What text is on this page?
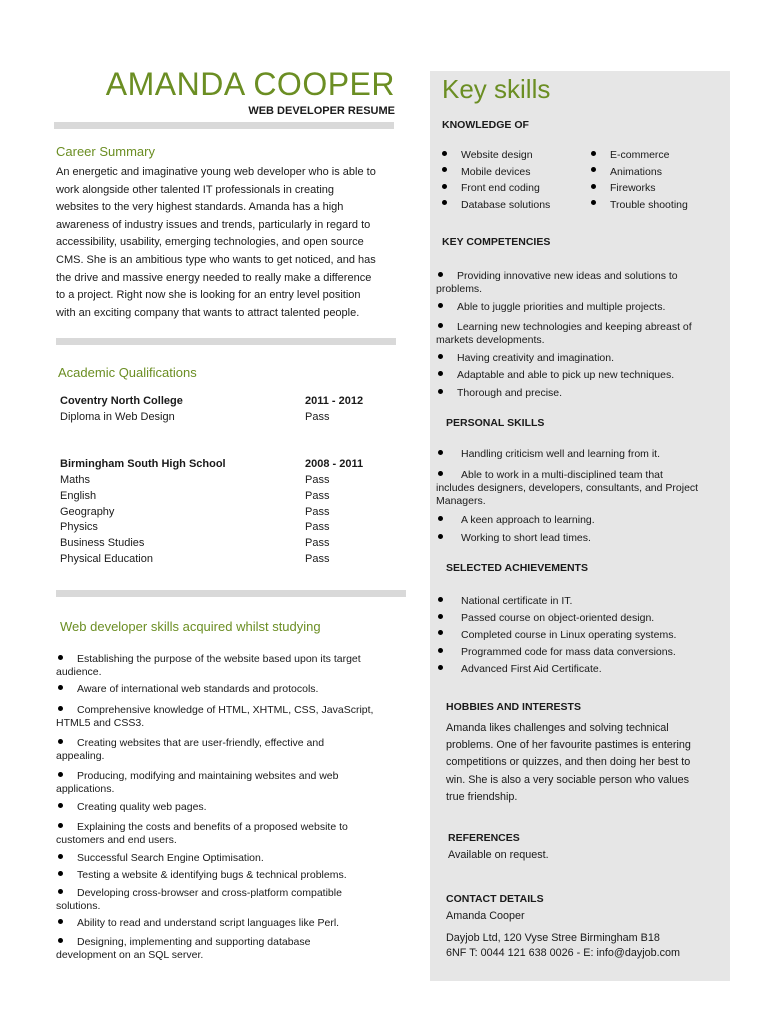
AMANDA COOPER
WEB DEVELOPER RESUME
Career Summary
An energetic and imaginative young web developer who is able to
work alongside other talented IT professionals in creating
websites to the very highest standards. Amanda has a high
awareness of industry issues and trends, particularly in regard to
accessibility, usability, emerging technologies, and open source
CMS. She is an ambitious type who wants to get noticed, and has
the drive and massive energy needed to really make a difference
to a project. Right now she is looking for an entry level position
with an exciting company that wants to attract talented people.
Academic Qualifications
Coventry North College	2011 - 2012
Diploma in Web Design	Pass
Birmingham South High School	2008 - 2011
Maths	Pass
English	Pass
Geography	Pass
Physics	Pass
Business Studies	Pass
Physical Education	Pass
Web developer skills acquired whilst studying
Establishing the purpose of the website based upon its target
audience.
Aware of international web standards and protocols.
Comprehensive knowledge of HTML, XHTML, CSS, JavaScript,
HTML5 and CSS3.
Creating websites that are user-friendly, effective and
appealing.
Producing, modifying and maintaining websites and web
applications.
Creating quality web pages.
Explaining the costs and benefits of a proposed website to
customers and end users.
Successful Search Engine Optimisation.
Testing a website & identifying bugs & technical problems.
Developing cross-browser and cross-platform compatible
solutions.
Ability to read and understand script languages like Perl.
Designing, implementing and supporting database
development on an SQL server.
Key skills
KNOWLEDGE OF
Website design
Mobile devices
Front end coding
Database solutions
E-commerce
Animations
Fireworks
Trouble shooting
KEY COMPETENCIES
Providing innovative new ideas and solutions to
problems.
Able to juggle priorities and multiple projects.
Learning new technologies and keeping abreast of
markets developments.
Having creativity and imagination.
Adaptable and able to pick up new techniques.
Thorough and precise.
PERSONAL SKILLS
Handling criticism well and learning from it.
Able to work in a multi-disciplined team that
includes designers, developers, consultants, and Project
Managers.
A keen approach to learning.
Working to short lead times.
SELECTED ACHIEVEMENTS
National certificate in IT.
Passed course on object-oriented design.
Completed course in Linux operating systems.
Programmed code for mass data conversions.
Advanced First Aid Certificate.
HOBBIES AND INTERESTS
Amanda likes challenges and solving technical
problems. One of her favourite pastimes is entering
competitions or quizzes, and then doing her best to
win. She is also a very sociable person who values
true friendship.
REFERENCES
Available on request.
CONTACT DETAILS
Amanda Cooper
Dayjob Ltd, 120 Vyse Stree Birmingham B18
6NF T: 0044 121 638 0026 - E: info@dayjob.com
